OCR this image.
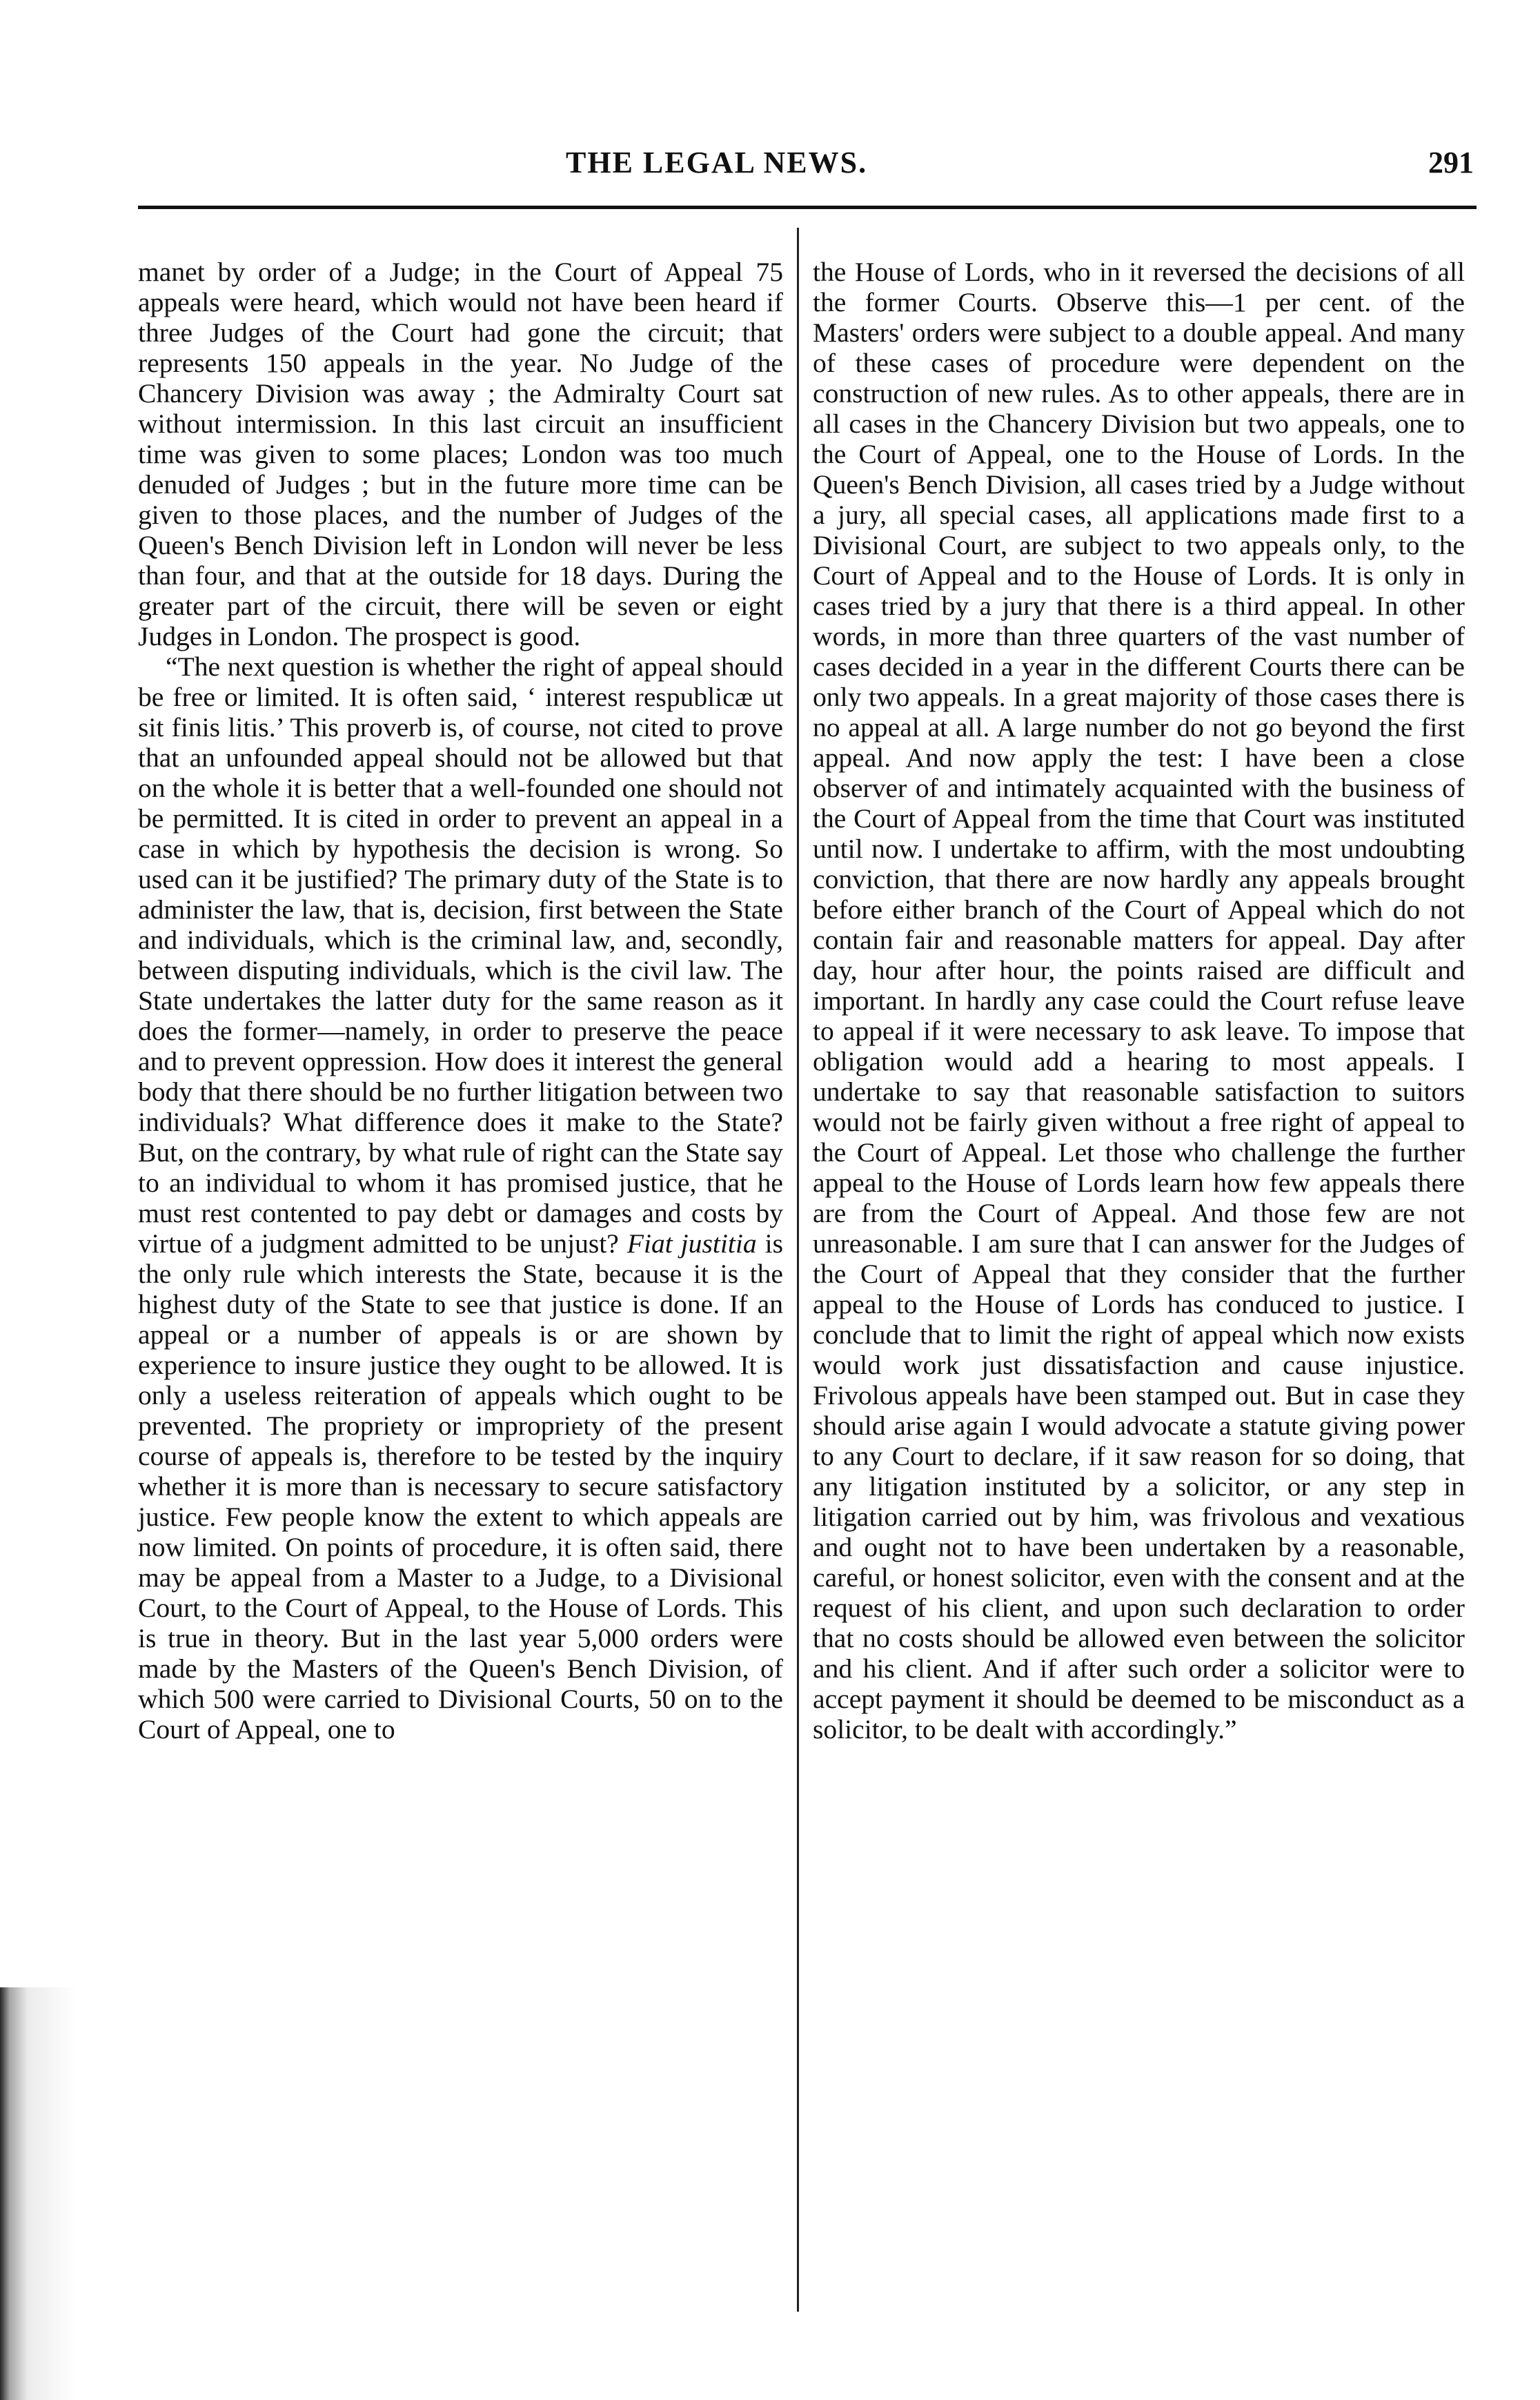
THE LEGAL NEWS.	291

manet by order of a Judge; in the Court of Appeal 75 appeals were heard, which would not have been heard if three Judges of the Court had gone the circuit; that represents 150 appeals in the year. No Judge of the Chancery Division was away ; the Admiralty Court sat without intermission. In this last circuit an insufficient time was given to some places; London was too much denuded of Judges ; but in the future more time can be given to those places, and the number of Judges of the Queen's Bench Division left in London will never be less than four, and that at the outside for 18 days. During the greater part of the circuit, there will be seven or eight Judges in London. The prospect is good.

“The next question is whether the right of appeal should be free or limited. It is often said, ‘ interest respublicæ ut sit finis litis.’ This proverb is, of course, not cited to prove that an unfounded appeal should not be allowed but that on the whole it is better that a well-founded one should not be permitted. It is cited in order to prevent an appeal in a case in which by hypothesis the decision is wrong. So used can it be justified? The primary duty of the State is to administer the law, that is, decision, first between the State and individuals, which is the criminal law, and, secondly, between disputing individuals, which is the civil law. The State undertakes the latter duty for the same reason as it does the former—namely, in order to preserve the peace and to prevent oppression. How does it interest the general body that there should be no further litigation between two individuals? What difference does it make to the State? But, on the contrary, by what rule of right can the State say to an individual to whom it has promised justice, that he must rest contented to pay debt or damages and costs by virtue of a judgment admitted to be unjust? Fiat justitia is the only rule which interests the State, because it is the highest duty of the State to see that justice is done. If an appeal or a number of appeals is or are shown by experience to insure justice they ought to be allowed. It is only a useless reiteration of appeals which ought to be prevented. The propriety or impropriety of the present course of appeals is, therefore to be tested by the inquiry whether it is more than is necessary to secure satisfactory justice. Few people know the extent to which appeals are now limited. On points of procedure, it is often said, there may be appeal from a Master to a Judge, to a Divisional Court, to the Court of Appeal, to the House of Lords. This is true in theory. But in the last year 5,000 orders were made by the Masters of the Queen's Bench Division, of which 500 were carried to Divisional Courts, 50 on to the Court of Appeal, one to

the House of Lords, who in it reversed the decisions of all the former Courts. Observe this—1 per cent. of the Masters' orders were subject to a double appeal. And many of these cases of procedure were dependent on the construction of new rules. As to other appeals, there are in all cases in the Chancery Division but two appeals, one to the Court of Appeal, one to the House of Lords. In the Queen's Bench Division, all cases tried by a Judge without a jury, all special cases, all applications made first to a Divisional Court, are subject to two appeals only, to the Court of Appeal and to the House of Lords. It is only in cases tried by a jury that there is a third appeal. In other words, in more than three quarters of the vast number of cases decided in a year in the different Courts there can be only two appeals. In a great majority of those cases there is no appeal at all. A large number do not go beyond the first appeal. And now apply the test: I have been a close observer of and intimately acquainted with the business of the Court of Appeal from the time that Court was instituted until now. I undertake to affirm, with the most undoubting conviction, that there are now hardly any appeals brought before either branch of the Court of Appeal which do not contain fair and reasonable matters for appeal. Day after day, hour after hour, the points raised are difficult and important. In hardly any case could the Court refuse leave to appeal if it were necessary to ask leave. To impose that obligation would add a hearing to most appeals. I undertake to say that reasonable satisfaction to suitors would not be fairly given without a free right of appeal to the Court of Appeal. Let those who challenge the further appeal to the House of Lords learn how few appeals there are from the Court of Appeal. And those few are not unreasonable. I am sure that I can answer for the Judges of the Court of Appeal that they consider that the further appeal to the House of Lords has conduced to justice. I conclude that to limit the right of appeal which now exists would work just dissatisfaction and cause injustice. Frivolous appeals have been stamped out. But in case they should arise again I would advocate a statute giving power to any Court to declare, if it saw reason for so doing, that any litigation instituted by a solicitor, or any step in litigation carried out by him, was frivolous and vexatious and ought not to have been undertaken by a reasonable, careful, or honest solicitor, even with the consent and at the request of his client, and upon such declaration to order that no costs should be allowed even between the solicitor and his client. And if after such order a solicitor were to accept payment it should be deemed to be misconduct as a solicitor, to be dealt with accordingly.”
